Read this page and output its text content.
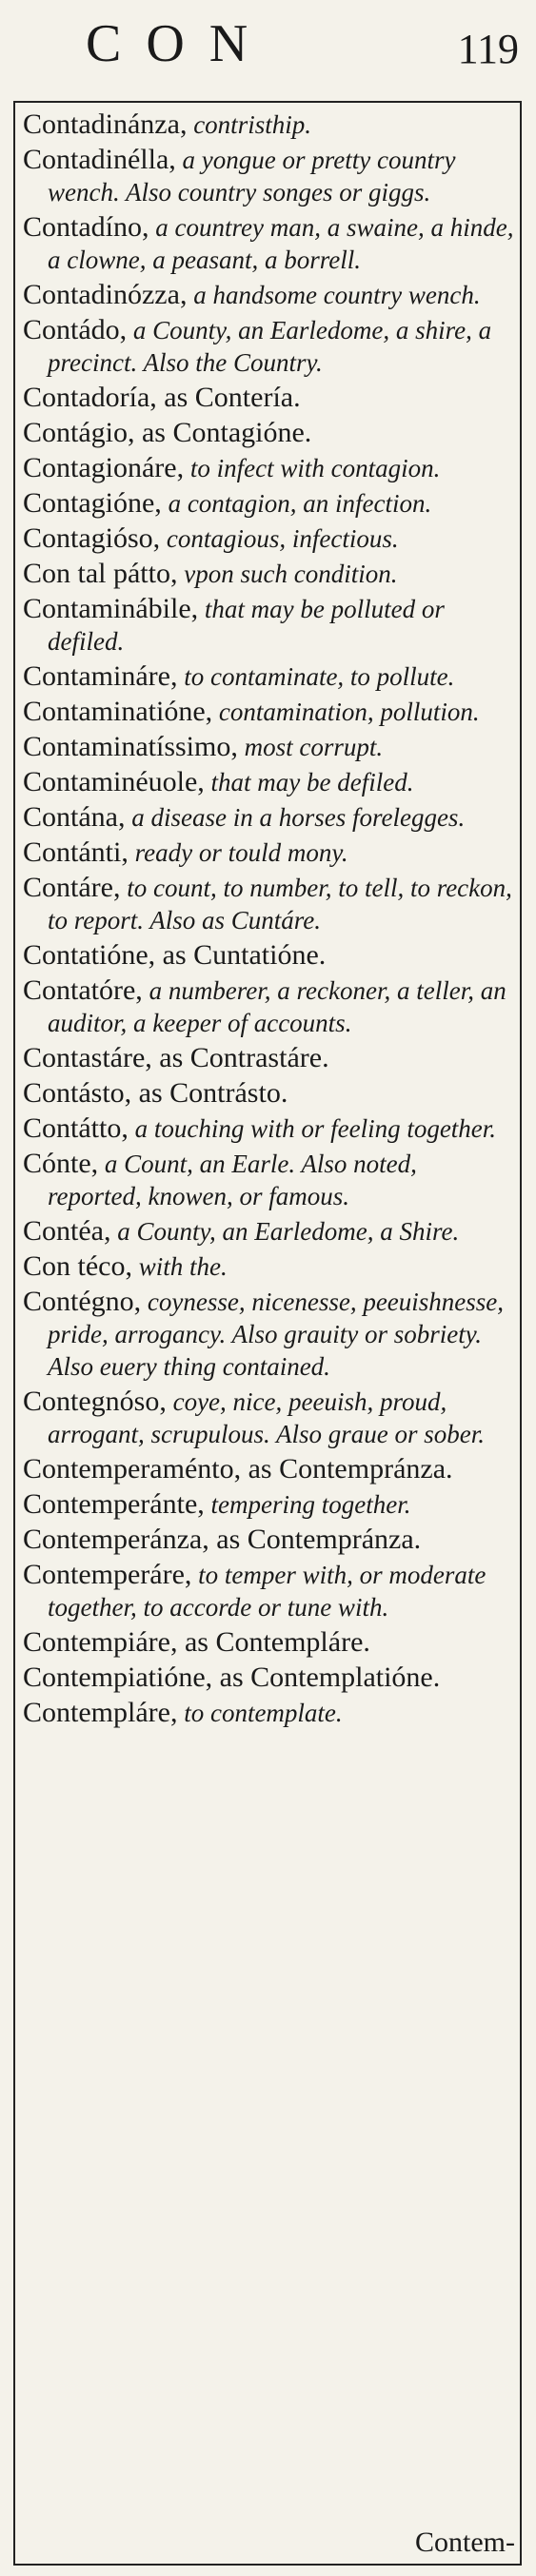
CON	119

Contadinánza, contristhip.

Contadinélla, a yongue or pretty country wench. Also country songes or giggs.

Contadíno, a countrey man, a swaine, a hinde, a clowne, a peasant, a borrell.

Contadinózza, a handsome country wench.

Contádo, a County, an Earledome, a shire, a precinct. Also the Country.

Contadoría, as Contería.

Contágio, as Contagióne.

Contagionáre, to infect with contagion.

Contagióne, a contagion, an infection.

Contagióso, contagious, infectious.

Con tal pátto, vpon such condition.

Contaminábile, that may be polluted or defiled.

Contamináre, to contaminate, to pollute.

Contaminatióne, contamination, pollution.

Contaminatíssimo, most corrupt.

Contaminéuole, that may be defiled.

Contána, a disease in a horses forelegges.

Contánti, ready or tould mony.

Contáre, to count, to number, to tell, to reckon, to report. Also as Cuntáre.

Contatióne, as Cuntatióne.

Contatóre, a numberer, a reckoner, a teller, an auditor, a keeper of accounts.

Contastáre, as Contrastáre.

Contásto, as Contrásto.

Contátto, a touching with or feeling together.

Cónte, a Count, an Earle. Also noted, reported, knowen, or famous.

Contéa, a County, an Earledome, a Shire.

Con téco, with the.

Contégno, coynesse, nicenesse, peeuishnesse, pride, arrogancy. Also grauity or sobriety. Also euery thing contained.

Contegnóso, coye, nice, peeuish, proud, arrogant, scrupulous. Also graue or sober.

Contemperaménto, as Contempránza.

Contemperánte, tempering together.

Contemperánza, as Contempránza.

Contemperáre, to temper with, or moderate together, to accorde or tune with.

Contempiáre, as Contempláre.

Contempiatióne, as Contemplatióne.

Contempláre, to contemplate.

Contem-
